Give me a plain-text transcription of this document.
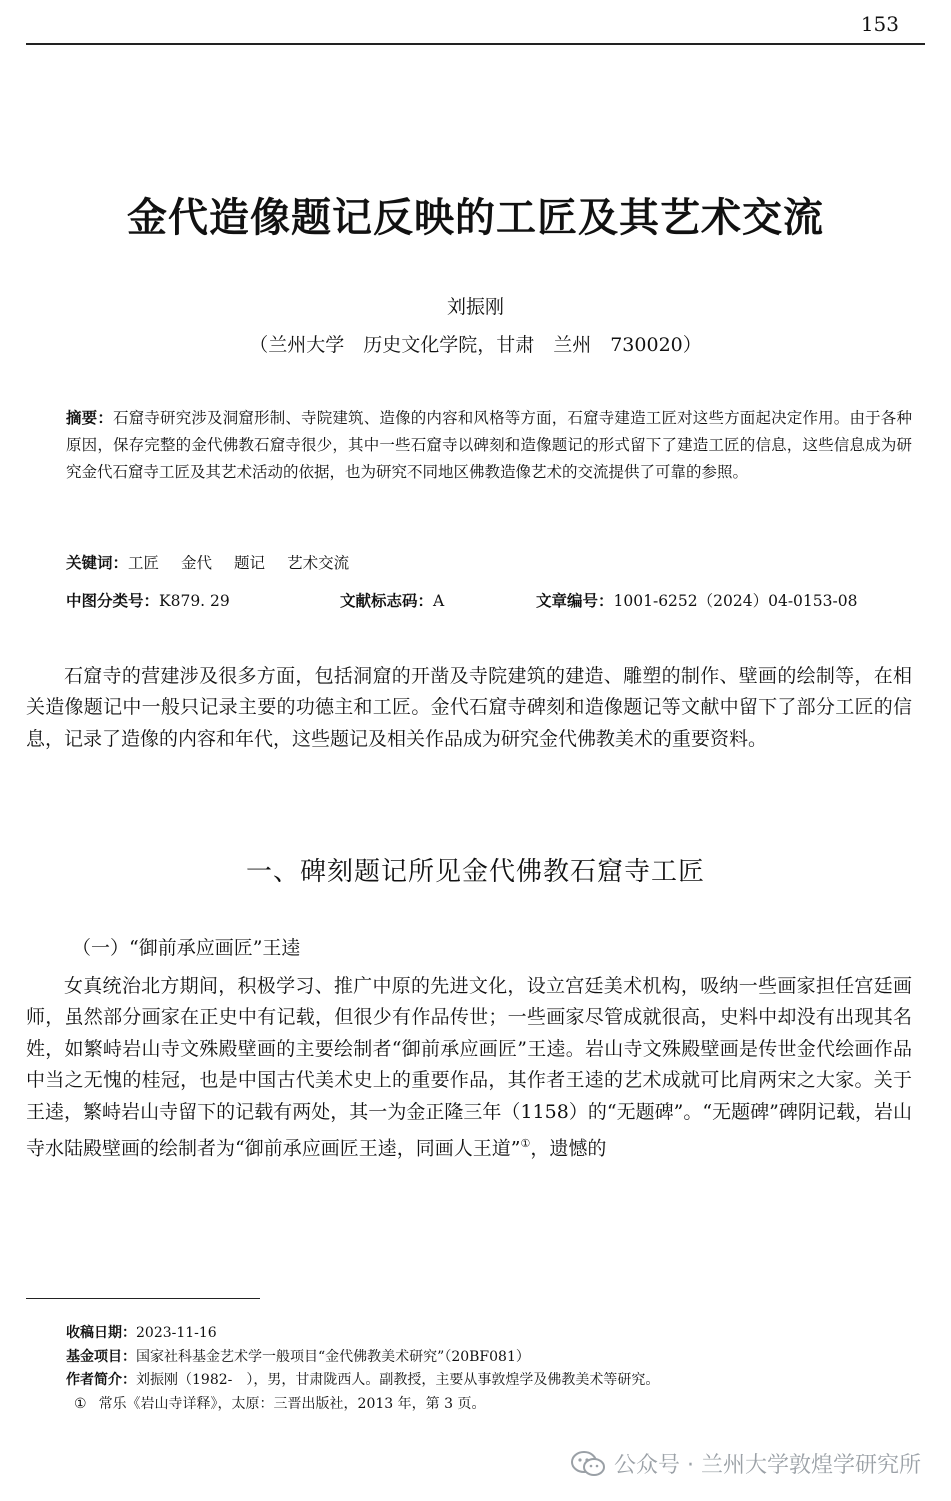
153
金代造像题记反映的工匠及其艺术交流
刘振刚
（兰州大学　历史文化学院，甘肃　兰州　730020）
摘要：石窟寺研究涉及洞窟形制、寺院建筑、造像的内容和风格等方面，石窟寺建造工匠对这些方面起决定作用。由于各种原因，保存完整的金代佛教石窟寺很少，其中一些石窟寺以碑刻和造像题记的形式留下了建造工匠的信息，这些信息成为研究金代石窟寺工匠及其艺术活动的依据，也为研究不同地区佛教造像艺术的交流提供了可靠的参照。
关键词：工匠 金代 题记 艺术交流
中图分类号：K879. 29	文献标志码：A	文章编号：1001-6252（2024）04-0153-08
石窟寺的营建涉及很多方面，包括洞窟的开凿及寺院建筑的建造、雕塑的制作、壁画的绘制等，在相关造像题记中一般只记录主要的功德主和工匠。金代石窟寺碑刻和造像题记等文献中留下了部分工匠的信息，记录了造像的内容和年代，这些题记及相关作品成为研究金代佛教美术的重要资料。
一、碑刻题记所见金代佛教石窟寺工匠
（一）“御前承应画匠”王逵
女真统治北方期间，积极学习、推广中原的先进文化，设立宫廷美术机构，吸纳一些画家担任宫廷画师，虽然部分画家在正史中有记载，但很少有作品传世；一些画家尽管成就很高，史料中却没有出现其名姓，如繁峙岩山寺文殊殿壁画的主要绘制者“御前承应画匠”王逵。岩山寺文殊殿壁画是传世金代绘画作品中当之无愧的桂冠，也是中国古代美术史上的重要作品，其作者王逵的艺术成就可比肩两宋之大家。关于王逵，繁峙岩山寺留下的记载有两处，其一为金正隆三年（1158）的“无题碑”。“无题碑”碑阴记载，岩山寺水陆殿壁画的绘制者为“御前承应画匠王逵，同画人王道”①，遗憾的
收稿日期：2023-11-16
基金项目：国家社科基金艺术学一般项目“金代佛教美术研究”（20BF081）
作者简介：刘振刚（1982-　），男，甘肃陇西人。副教授，主要从事敦煌学及佛教美术等研究。
① 常乐《岩山寺详释》，太原：三晋出版社，2013 年，第 3 页。
公众号 · 兰州大学敦煌学研究所
